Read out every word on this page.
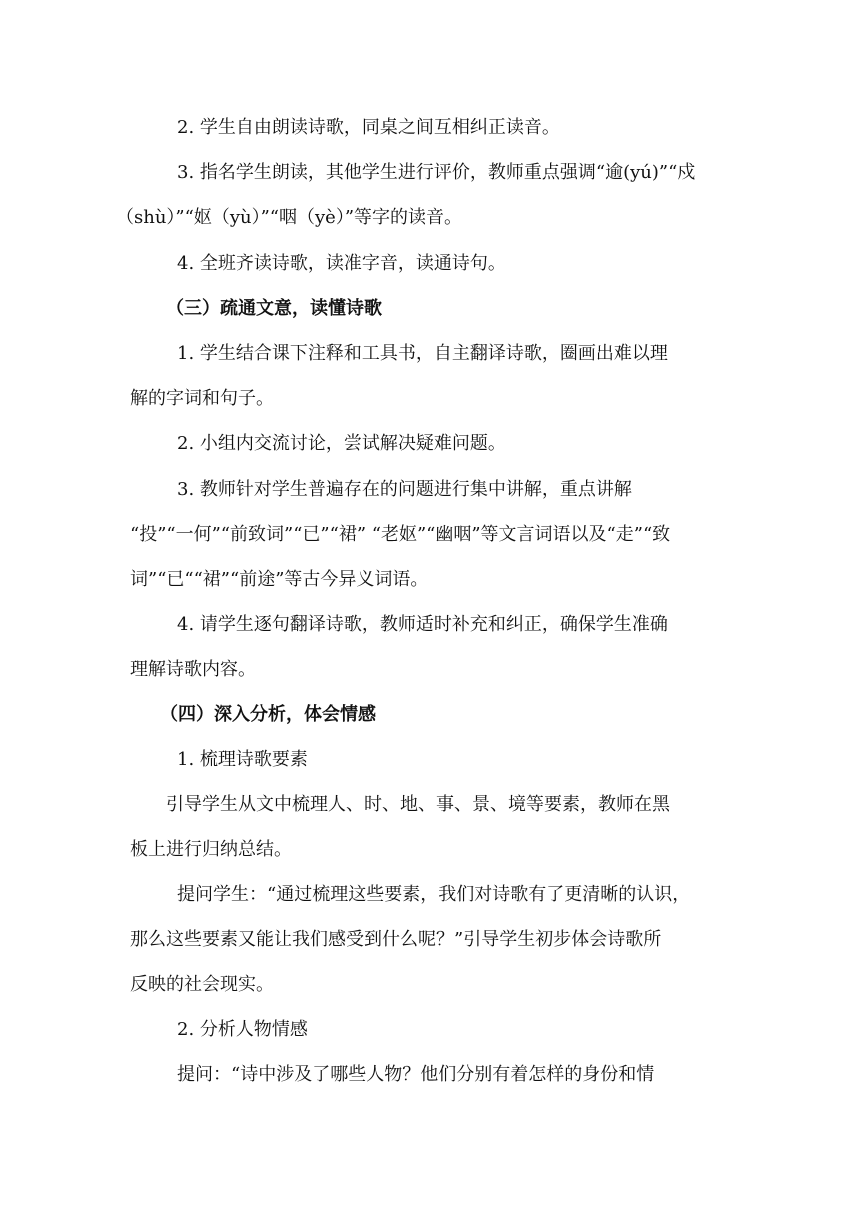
2. 学生自由朗读诗歌，同桌之间互相纠正读音。
3. 指名学生朗读，其他学生进行评价，教师重点强调“逾(yú)”“戍
（shù）”“妪（yù）”“咽（yè）”等字的读音。
4. 全班齐读诗歌，读准字音，读通诗句。
（三）疏通文意，读懂诗歌
1. 学生结合课下注释和工具书，自主翻译诗歌，圈画出难以理
解的字词和句子。
2. 小组内交流讨论，尝试解决疑难问题。
3. 教师针对学生普遍存在的问题进行集中讲解，重点讲解
“投”“一何”“前致词”“已”“裙” “老妪”“幽咽”等文言词语以及“走”“致
词”“已““裙”“前途”等古今异义词语。
4. 请学生逐句翻译诗歌，教师适时补充和纠正，确保学生准确
理解诗歌内容。
（四）深入分析，体会情感
1. 梳理诗歌要素
引导学生从文中梳理人、时、地、事、景、境等要素，教师在黑
板上进行归纳总结。
提问学生：“通过梳理这些要素，我们对诗歌有了更清晰的认识，
那么这些要素又能让我们感受到什么呢？”引导学生初步体会诗歌所
反映的社会现实。
2. 分析人物情感
提问：“诗中涉及了哪些人物？他们分别有着怎样的身份和情
